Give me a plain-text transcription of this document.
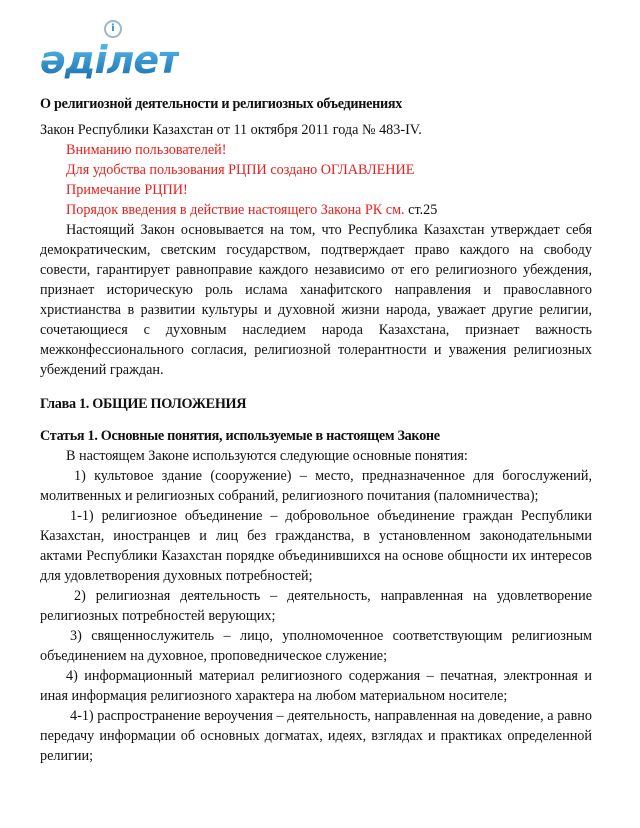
әділет
i

О религиозной деятельности и религиозных объединениях

Закон Республики Казахстан от 11 октября 2011 года № 483-IV.

Вниманию пользователей!

Для удобства пользования РЦПИ создано ОГЛАВЛЕНИЕ

Примечание РЦПИ!

Порядок введения в действие настоящего Закона РК см. ст.25

Настоящий Закон основывается на том, что Республика Казахстан утверждает себя демократическим, светским государством, подтверждает право каждого на свободу совести, гарантирует равноправие каждого независимо от его религиозного убеждения, признает историческую роль ислама ханафитского направления и православного христианства в развитии культуры и духовной жизни народа, уважает другие религии, сочетающиеся с духовным наследием народа Казахстана, признает важность межконфессионального согласия, религиозной толерантности и уважения религиозных убеждений граждан.

Глава 1. ОБЩИЕ ПОЛОЖЕНИЯ

Статья 1. Основные понятия, используемые в настоящем Законе

В настоящем Законе используются следующие основные понятия:

1) культовое здание (сооружение) – место, предназначенное для богослужений, молитвенных и религиозных собраний, религиозного почитания (паломничества);

1-1) религиозное объединение – добровольное объединение граждан Республики Казахстан, иностранцев и лиц без гражданства, в установленном законодательными актами Республики Казахстан порядке объединившихся на основе общности их интересов для удовлетворения духовных потребностей;

2) религиозная деятельность – деятельность, направленная на удовлетворение религиозных потребностей верующих;

3) священнослужитель – лицо, уполномоченное соответствующим религиозным объединением на духовное, проповедническое служение;

4) информационный материал религиозного содержания – печатная, электронная и иная информация религиозного характера на любом материальном носителе;

4-1) распространение вероучения – деятельность, направленная на доведение, а равно передачу информации об основных догматах, идеях, взглядах и практиках определенной религии;
